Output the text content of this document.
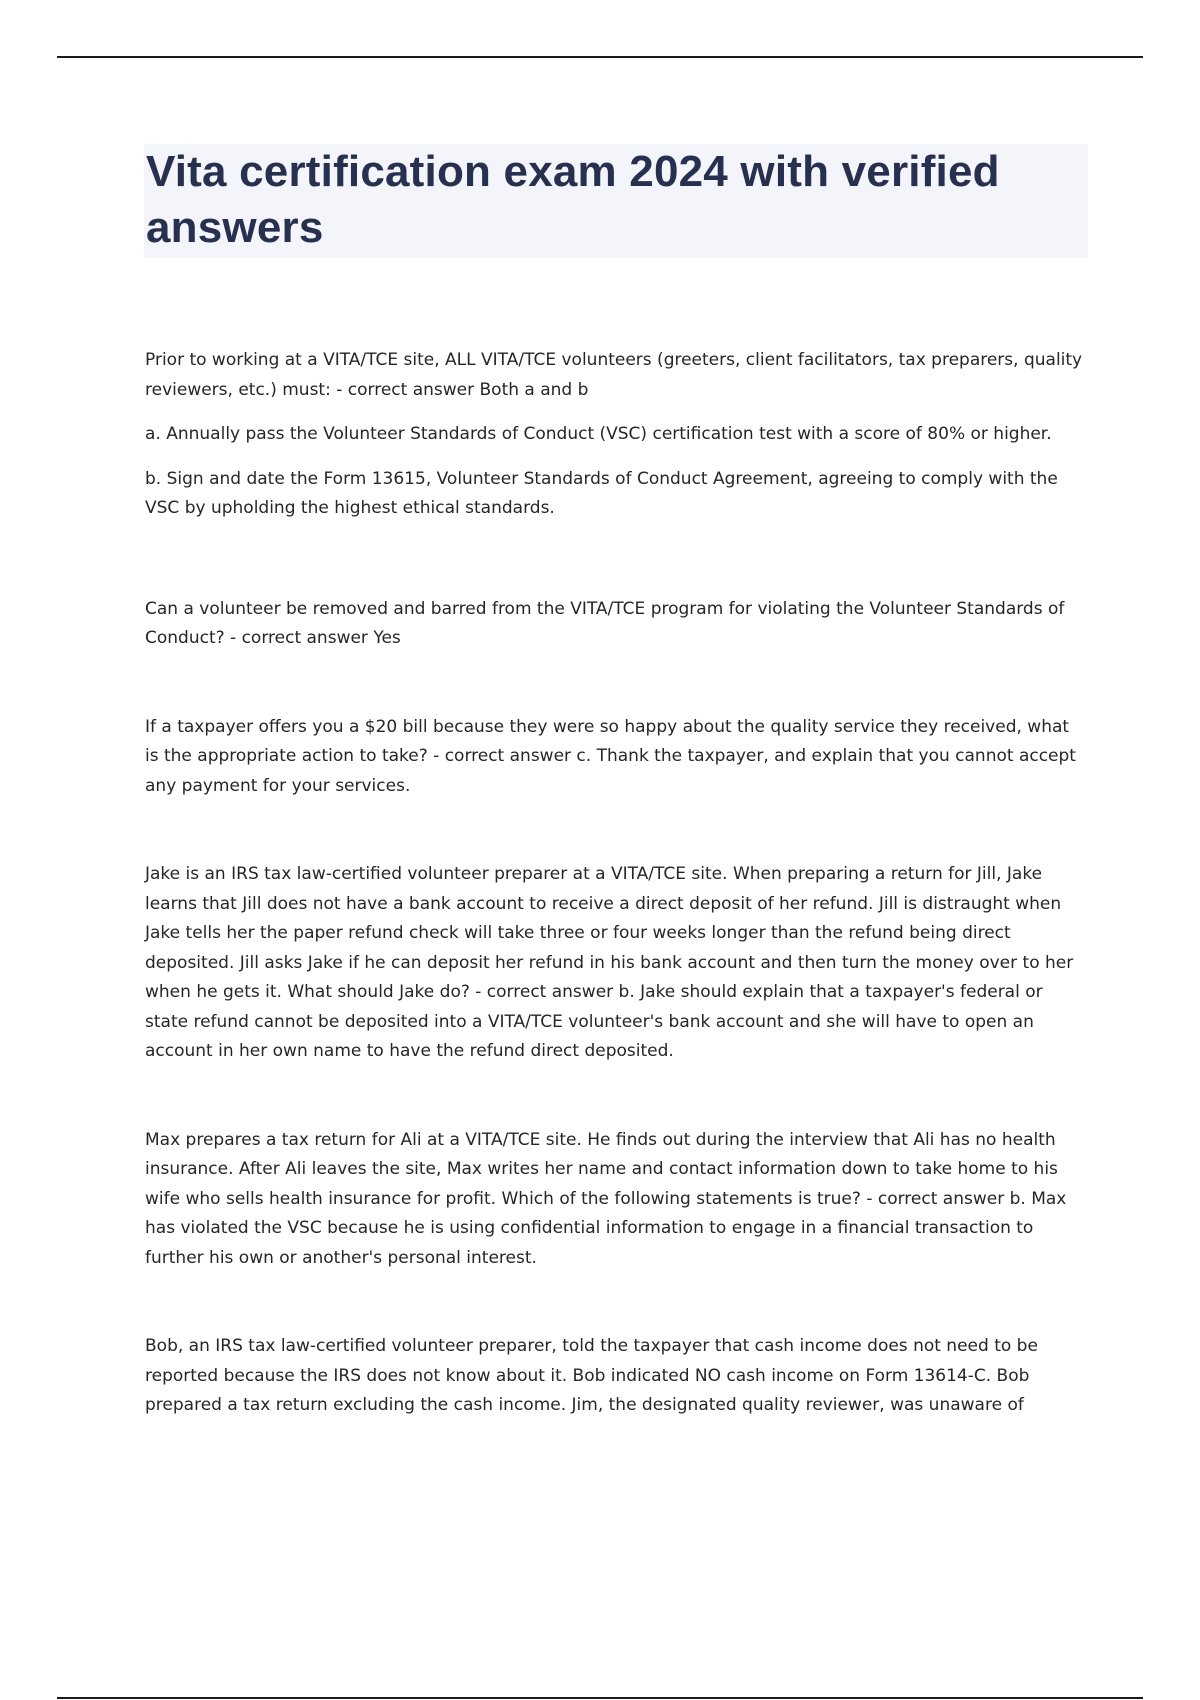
Vita certification exam 2024 with verified answers

Prior to working at a VITA/TCE site, ALL VITA/TCE volunteers (greeters, client facilitators, tax preparers, quality reviewers, etc.) must: - correct answer Both a and b

a. Annually pass the Volunteer Standards of Conduct (VSC) certification test with a score of 80% or higher.

b. Sign and date the Form 13615, Volunteer Standards of Conduct Agreement, agreeing to comply with the VSC by upholding the highest ethical standards.

Can a volunteer be removed and barred from the VITA/TCE program for violating the Volunteer Standards of Conduct? - correct answer Yes

If a taxpayer offers you a $20 bill because they were so happy about the quality service they received, what is the appropriate action to take? - correct answer c. Thank the taxpayer, and explain that you cannot accept any payment for your services.

Jake is an IRS tax law-certified volunteer preparer at a VITA/TCE site. When preparing a return for Jill, Jake learns that Jill does not have a bank account to receive a direct deposit of her refund. Jill is distraught when Jake tells her the paper refund check will take three or four weeks longer than the refund being direct deposited. Jill asks Jake if he can deposit her refund in his bank account and then turn the money over to her when he gets it. What should Jake do? - correct answer b. Jake should explain that a taxpayer's federal or state refund cannot be deposited into a VITA/TCE volunteer's bank account and she will have to open an account in her own name to have the refund direct deposited.

Max prepares a tax return for Ali at a VITA/TCE site. He finds out during the interview that Ali has no health insurance. After Ali leaves the site, Max writes her name and contact information down to take home to his wife who sells health insurance for profit. Which of the following statements is true? - correct answer b. Max has violated the VSC because he is using confidential information to engage in a financial transaction to further his own or another's personal interest.

Bob, an IRS tax law-certified volunteer preparer, told the taxpayer that cash income does not need to be reported because the IRS does not know about it. Bob indicated NO cash income on Form 13614-C. Bob prepared a tax return excluding the cash income. Jim, the designated quality reviewer, was unaware of
